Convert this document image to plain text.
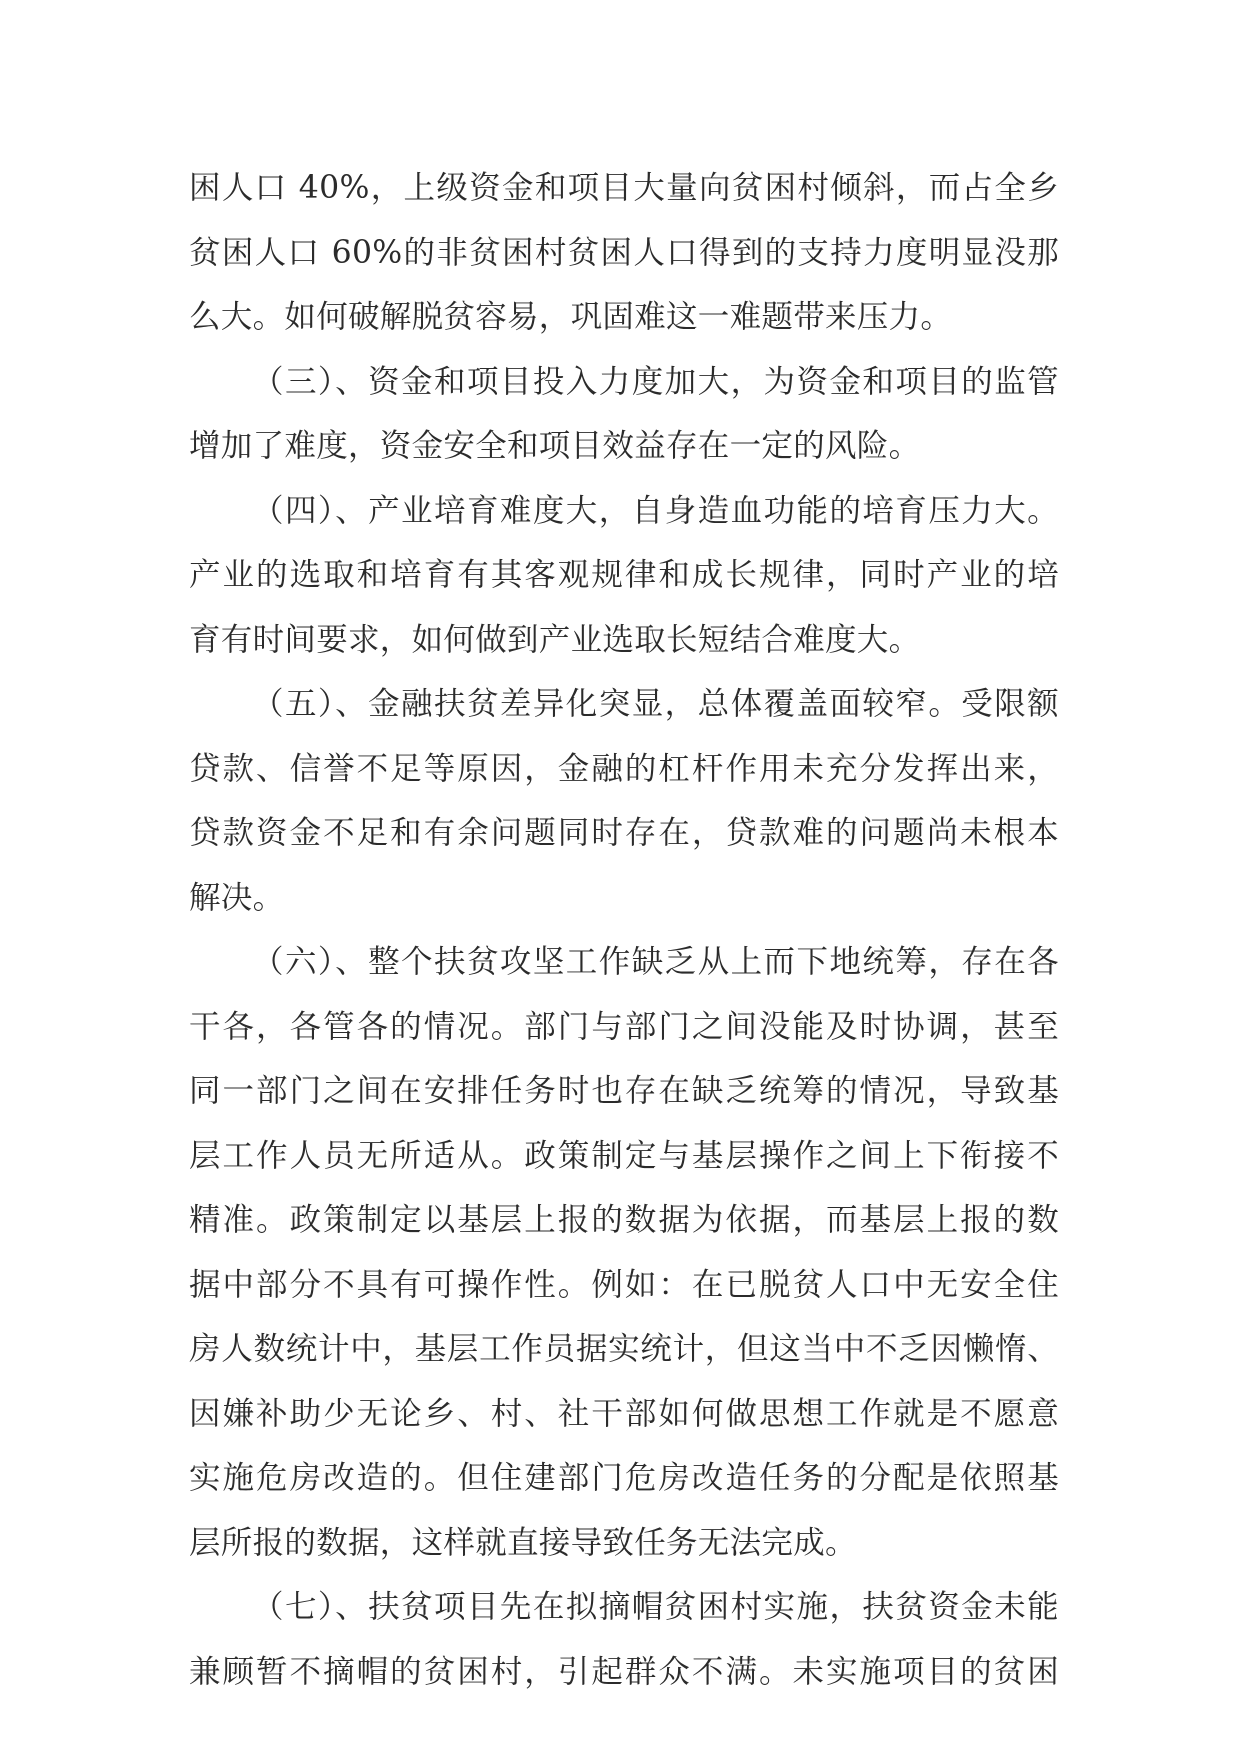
困人口 40%，上级资金和项目大量向贫困村倾斜，而占全乡
贫困人口 60%的非贫困村贫困人口得到的支持力度明显没那
么大。如何破解脱贫容易，巩固难这一难题带来压力。
（三）、资金和项目投入力度加大，为资金和项目的监管
增加了难度，资金安全和项目效益存在一定的风险。
（四）、产业培育难度大，自身造血功能的培育压力大。
产业的选取和培育有其客观规律和成长规律，同时产业的培
育有时间要求，如何做到产业选取长短结合难度大。
（五）、金融扶贫差异化突显，总体覆盖面较窄。受限额
贷款、信誉不足等原因，金融的杠杆作用未充分发挥出来，
贷款资金不足和有余问题同时存在，贷款难的问题尚未根本
解决。
（六）、整个扶贫攻坚工作缺乏从上而下地统筹，存在各
干各，各管各的情况。部门与部门之间没能及时协调，甚至
同一部门之间在安排任务时也存在缺乏统筹的情况，导致基
层工作人员无所适从。政策制定与基层操作之间上下衔接不
精准。政策制定以基层上报的数据为依据，而基层上报的数
据中部分不具有可操作性。例如：在已脱贫人口中无安全住
房人数统计中，基层工作员据实统计，但这当中不乏因懒惰、
因嫌补助少无论乡、村、社干部如何做思想工作就是不愿意
实施危房改造的。但住建部门危房改造任务的分配是依照基
层所报的数据，这样就直接导致任务无法完成。
（七）、扶贫项目先在拟摘帽贫困村实施，扶贫资金未能
兼顾暂不摘帽的贫困村，引起群众不满。未实施项目的贫困
